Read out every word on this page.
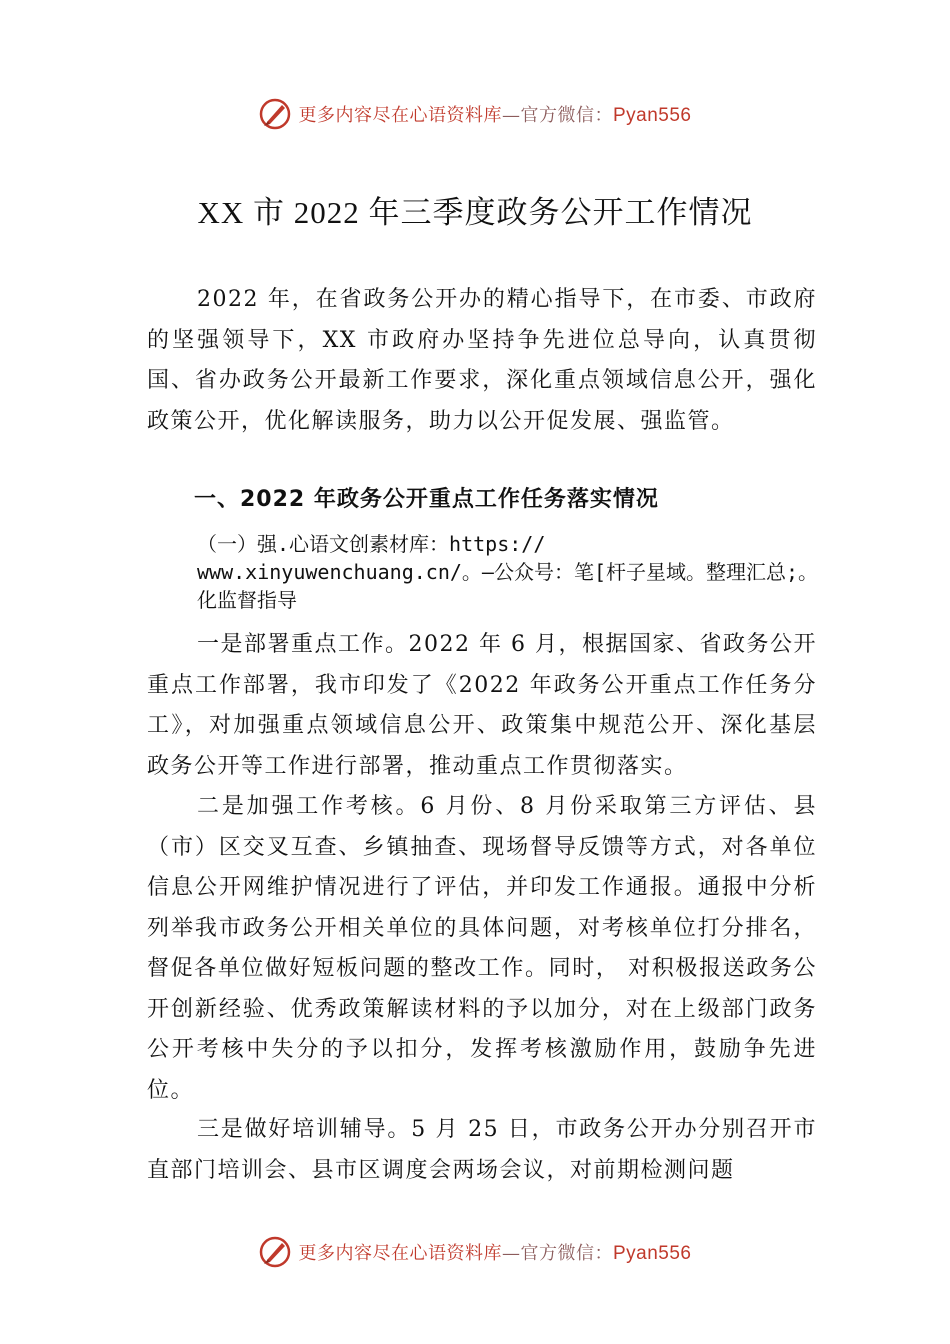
更多内容尽在心语资料库—官方微信：Pyan556
XX 市 2022 年三季度政务公开工作情况

2022 年，在省政务公开办的精心指导下，在市委、市政府的坚强领导下，XX 市政府办坚持争先进位总导向，认真贯彻国、省办政务公开最新工作要求，深化重点领域信息公开，强化政策公开，优化解读服务，助力以公开促发展、强监管。

一、2022 年政务公开重点工作任务落实情况
（一）强.心语文创素材库：https://
www.xinyuwenchuang.cn/。—公众号：笔[杆子星域。整理汇总;。化监督指导

一是部署重点工作。2022 年 6 月，根据国家、省政务公开重点工作部署，我市印发了《2022 年政务公开重点工作任务分工》，对加强重点领域信息公开、政策集中规范公开、深化基层政务公开等工作进行部署，推动重点工作贯彻落实。

二是加强工作考核。6 月份、8 月份采取第三方评估、县（市）区交叉互查、乡镇抽查、现场督导反馈等方式，对各单位信息公开网维护情况进行了评估，并印发工作通报。通报中分析列举我市政务公开相关单位的具体问题，对考核单位打分排名，督促各单位做好短板问题的整改工作。同时， 对积极报送政务公开创新经验、优秀政策解读材料的予以加分，对在上级部门政务公开考核中失分的予以扣分，发挥考核激励作用，鼓励争先进位。

三是做好培训辅导。5 月 25 日，市政务公开办分别召开市直部门培训会、县市区调度会两场会议，对前期检测问题

更多内容尽在心语资料库—官方微信：Pyan556
